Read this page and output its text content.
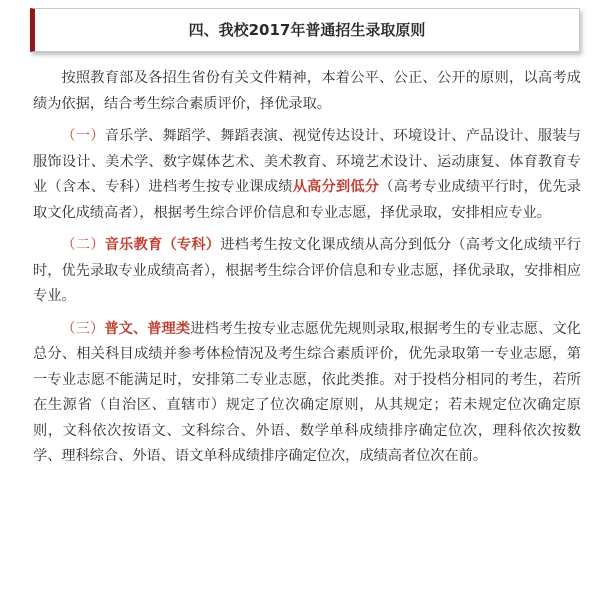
四、我校2017年普通招生录取原则

按照教育部及各招生省份有关文件精神，本着公平、公正、公开的原则，以高考成绩为依据，结合考生综合素质评价，择优录取。

（一）音乐学、舞蹈学、舞蹈表演、视觉传达设计、环境设计、产品设计、服装与服饰设计、美术学、数字媒体艺术、美术教育、环境艺术设计、运动康复、体育教育专业（含本、专科）进档考生按专业课成绩从高分到低分（高考专业成绩平行时，优先录取文化成绩高者），根据考生综合评价信息和专业志愿，择优录取，安排相应专业。

（二）音乐教育（专科）进档考生按文化课成绩从高分到低分（高考文化成绩平行时，优先录取专业成绩高者），根据考生综合评价信息和专业志愿，择优录取，安排相应专业。

（三）普文、普理类进档考生按专业志愿优先规则录取,根据考生的专业志愿、文化总分、相关科目成绩并参考体检情况及考生综合素质评价，优先录取第一专业志愿，第一专业志愿不能满足时，安排第二专业志愿，依此类推。对于投档分相同的考生，若所在生源省（自治区、直辖市）规定了位次确定原则，从其规定；若未规定位次确定原则，文科依次按语文、文科综合、外语、数学单科成绩排序确定位次，理科依次按数学、理科综合、外语、语文单科成绩排序确定位次，成绩高者位次在前。
